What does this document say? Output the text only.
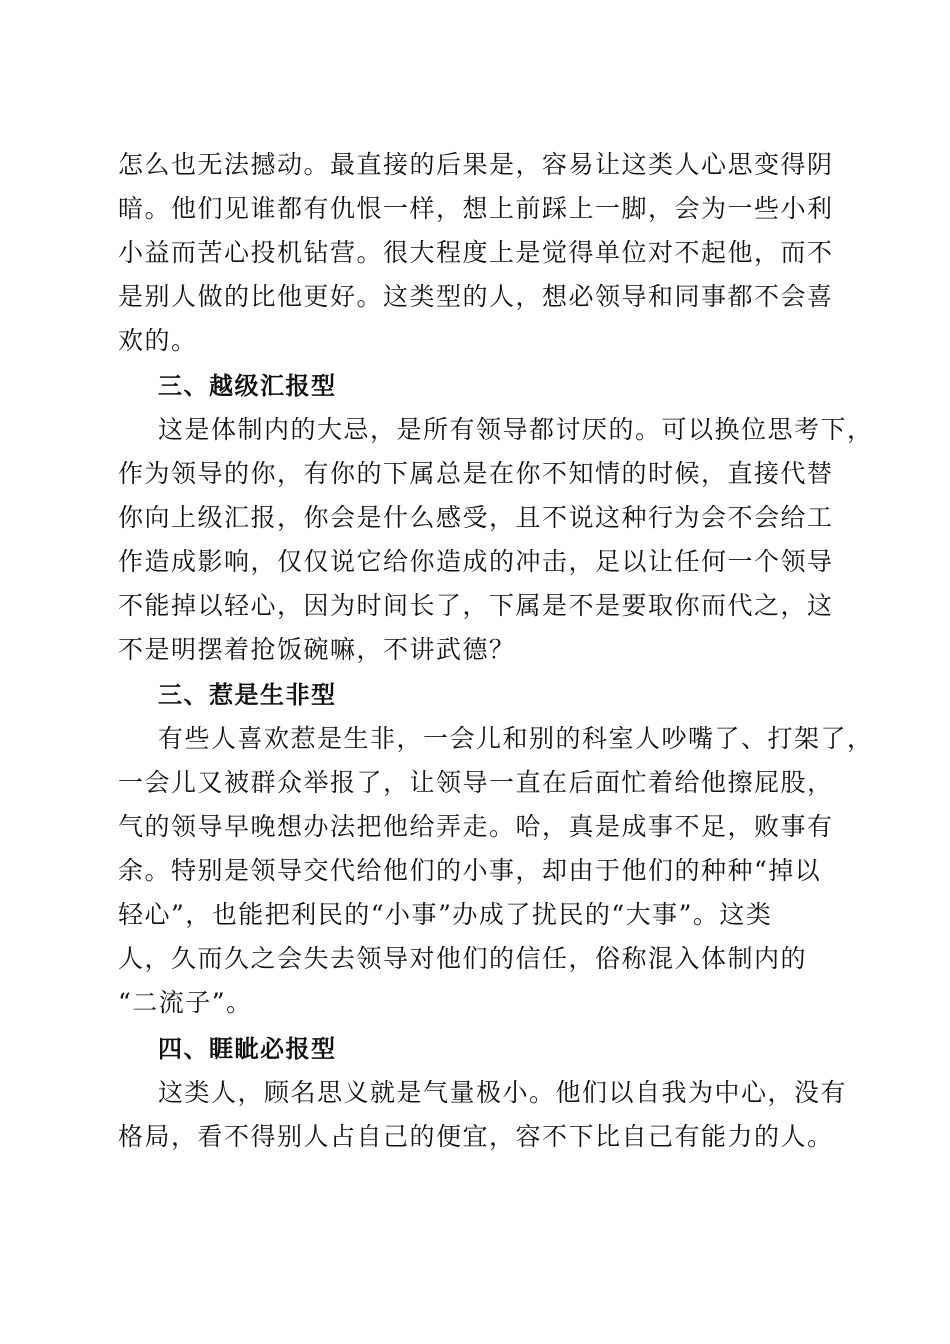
怎么也无法撼动。最直接的后果是，容易让这类人心思变得阴
暗。他们见谁都有仇恨一样，想上前踩上一脚，会为一些小利
小益而苦心投机钻营。很大程度上是觉得单位对不起他，而不
是别人做的比他更好。这类型的人，想必领导和同事都不会喜
欢的。
三、越级汇报型
这是体制内的大忌，是所有领导都讨厌的。可以换位思考下，
作为领导的你，有你的下属总是在你不知情的时候，直接代替
你向上级汇报，你会是什么感受，且不说这种行为会不会给工
作造成影响，仅仅说它给你造成的冲击，足以让任何一个领导
不能掉以轻心，因为时间长了，下属是不是要取你而代之，这
不是明摆着抢饭碗嘛，不讲武德？
三、惹是生非型
有些人喜欢惹是生非，一会儿和别的科室人吵嘴了、打架了，
一会儿又被群众举报了，让领导一直在后面忙着给他擦屁股，
气的领导早晚想办法把他给弄走。哈，真是成事不足，败事有
余。特别是领导交代给他们的小事，却由于他们的种种“掉以
轻心”，也能把利民的“小事”办成了扰民的“大事”。这类
人，久而久之会失去领导对他们的信任，俗称混入体制内的
“二流子”。
四、睚眦必报型
这类人，顾名思义就是气量极小。他们以自我为中心，没有
格局，看不得别人占自己的便宜，容不下比自己有能力的人。
